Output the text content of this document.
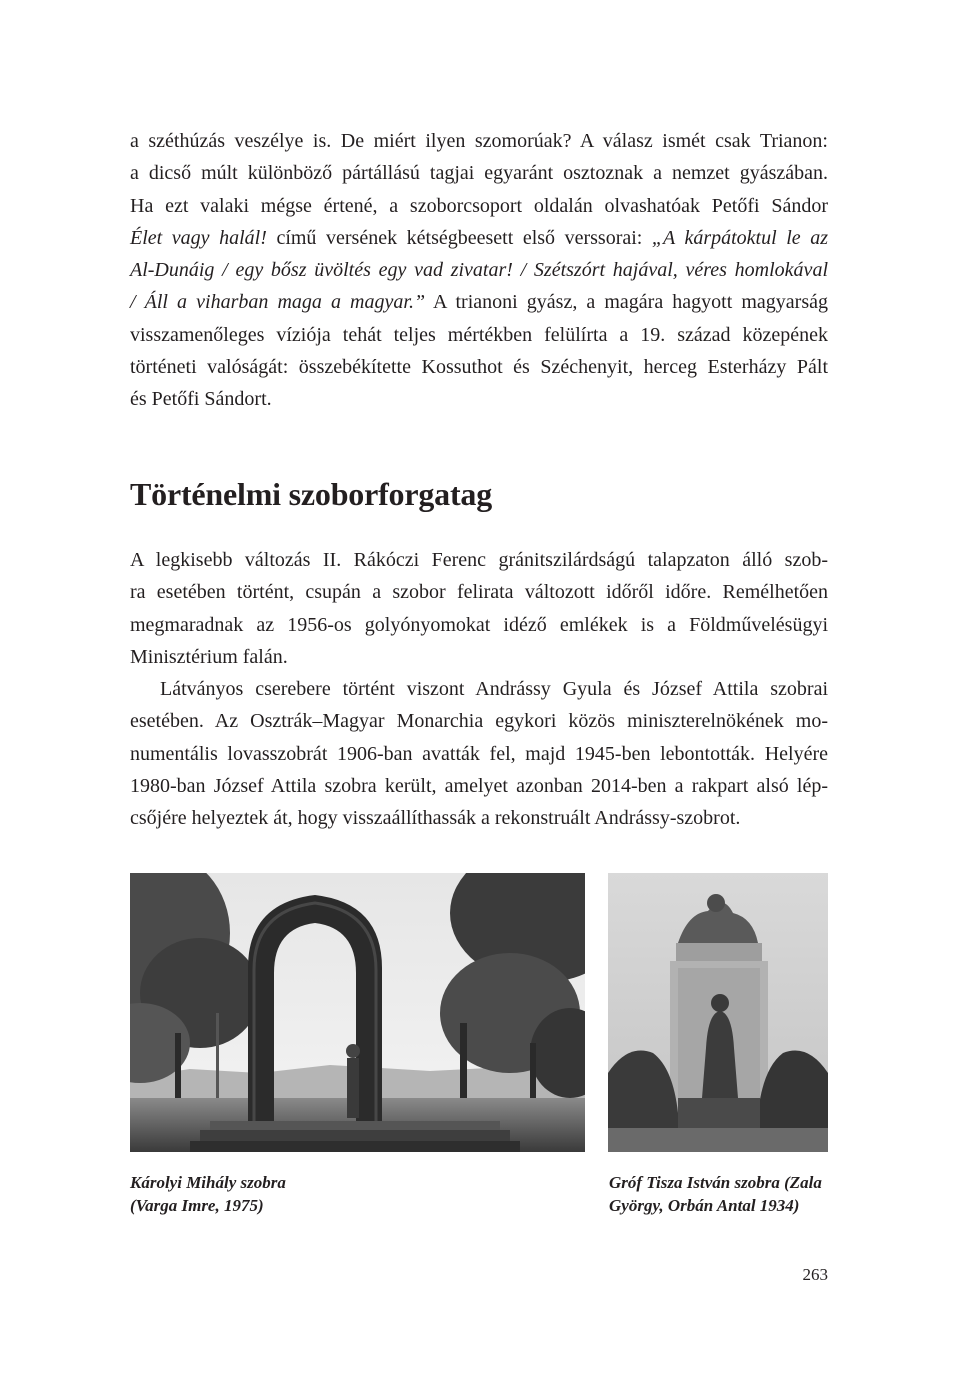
a széthúzás veszélye is. De miért ilyen szomorúak? A válasz ismét csak Trianon:
a dicső múlt különböző pártállású tagjai egyaránt osztoznak a nemzet gyászában.
Ha ezt valaki mégse értené, a szoborcsoport oldalán olvashatóak Petőfi Sándor
Élet vagy halál! című versének kétségbeesett első verssorai: „A kárpátoktul le az
Al-Dunáig / egy bősz üvöltés egy vad zivatar! / Szétszórt hajával, véres homlokával
/ Áll a viharban maga a magyar.” A trianoni gyász, a magára hagyott magyarság
visszamenőleges víziója tehát teljes mértékben felülírta a 19. század közepének
történeti valóságát: összebékítette Kossuthot és Széchenyit, herceg Esterházy Pált
és Petőfi Sándort.

Történelmi szoborforgatag

A legkisebb változás II. Rákóczi Ferenc gránitszilárdságú talapzaton álló szob-
ra esetében történt, csupán a szobor felirata változott időről időre. Remélhetően
megmaradnak az 1956-os golyónyomokat idéző emlékek is a Földművelésügyi
Minisztérium falán.

Látványos cserebere történt viszont Andrássy Gyula és József Attila szobrai
esetében. Az Osztrák–Magyar Monarchia egykori közös miniszterelnökének mo-
numentális lovasszobrát 1906-ban avatták fel, majd 1945-ben lebontották. Helyére
1980-ban József Attila szobra került, amelyet azonban 2014-ben a rakpart alsó lép-
csőjére helyeztek át, hogy visszaállíthassák a rekonstruált Andrássy-szobrot.

Károlyi Mihály szobra
(Varga Imre, 1975)

Gróf Tisza István szobra (Zala
György, Orbán Antal 1934)

263
